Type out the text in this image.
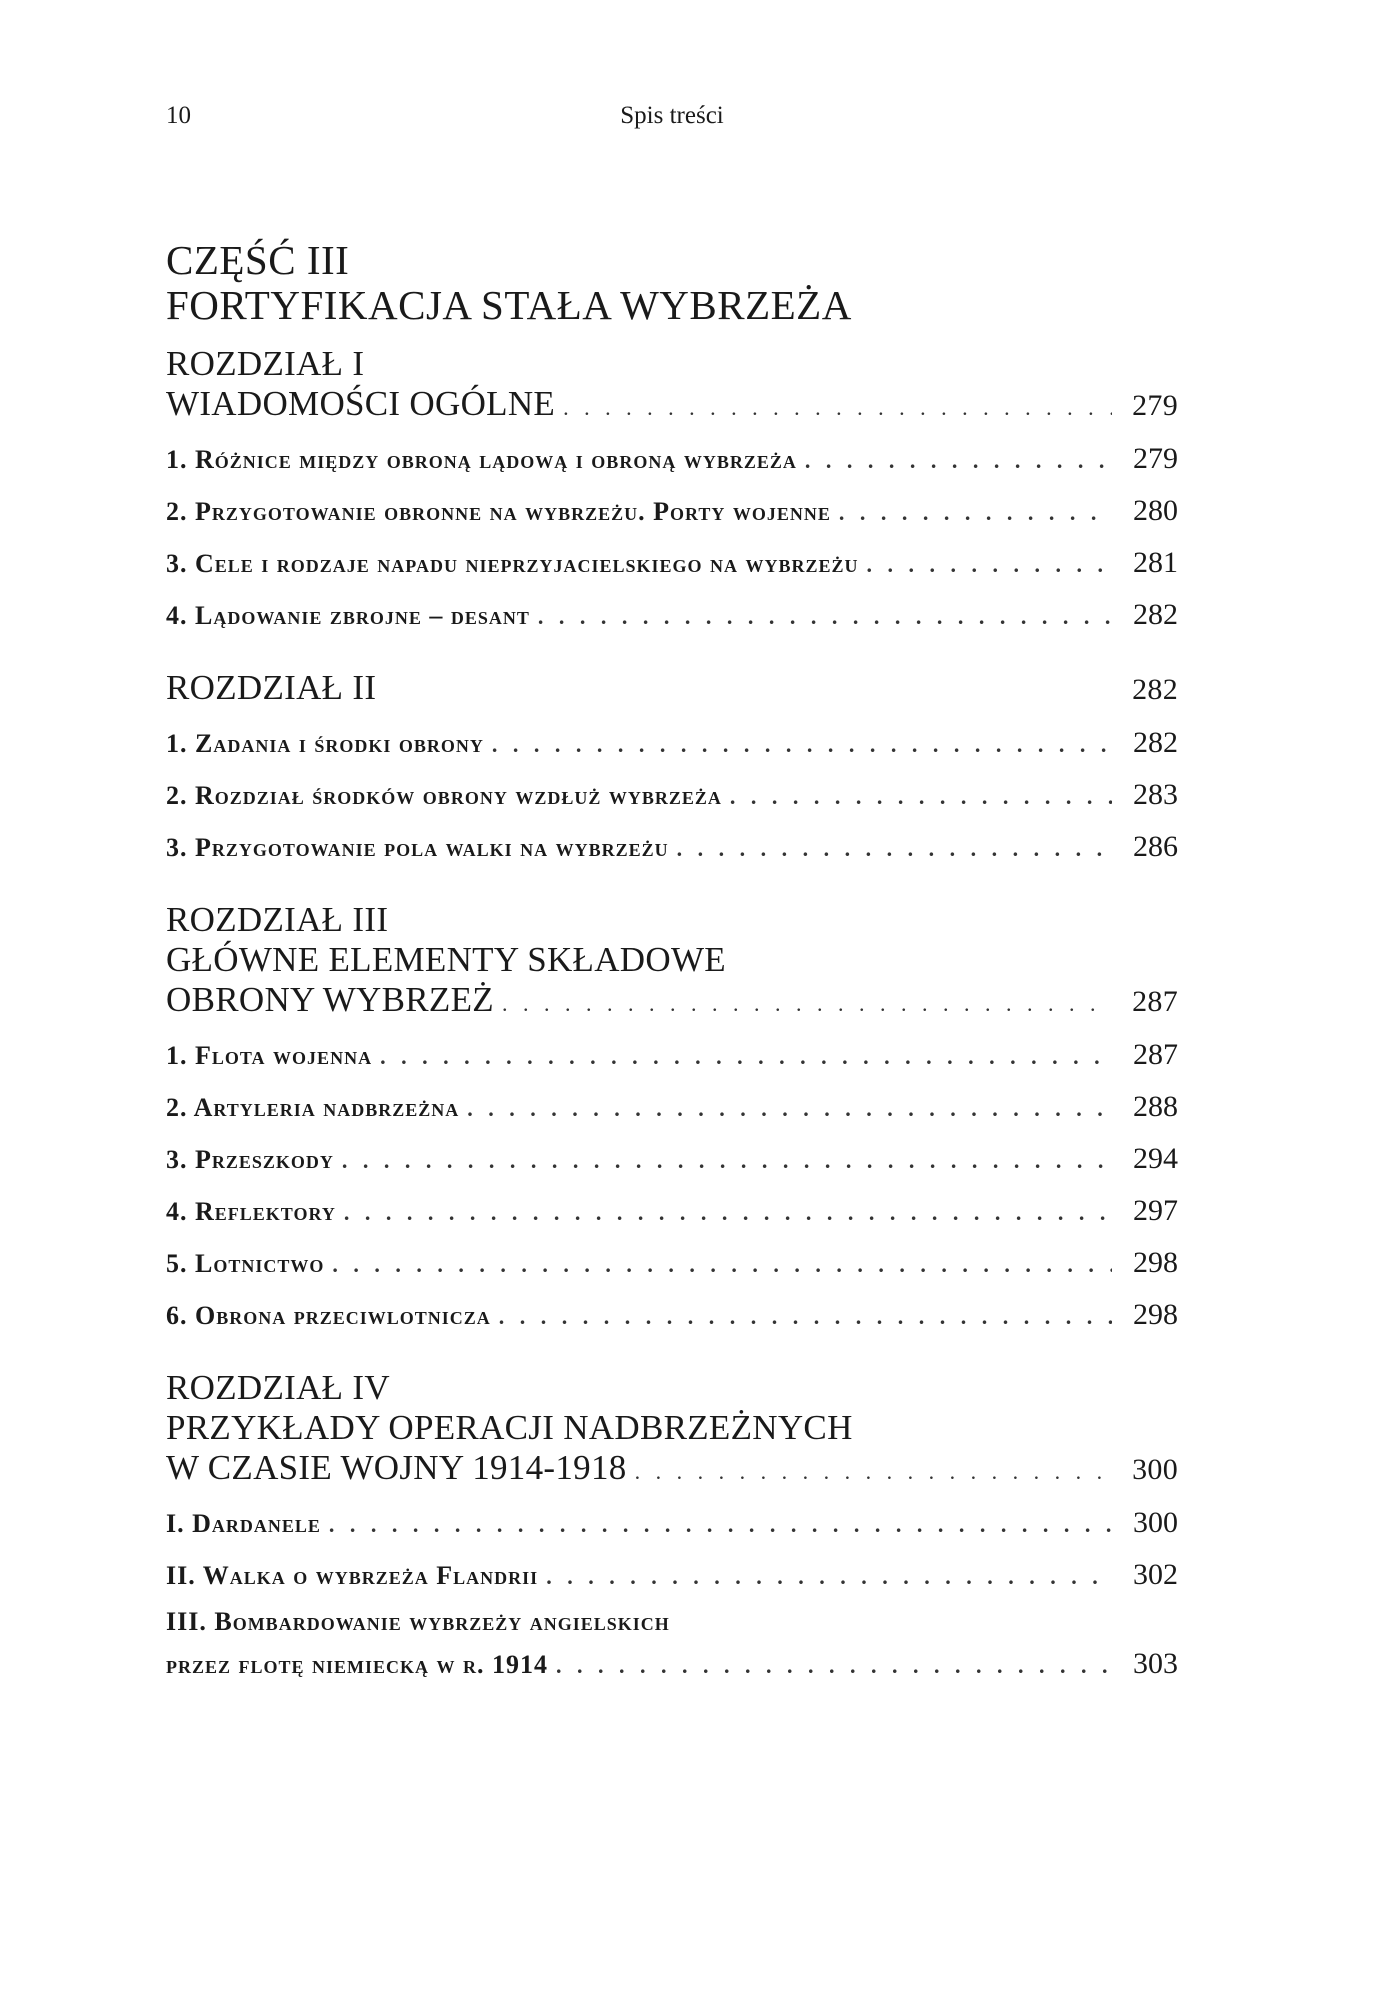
10	Spis treści
CZĘŚĆ III
FORTYFIKACJA STAŁA WYBRZEŻA
ROZDZIAŁ I
WIADOMOŚCI OGÓLNE . . .	279
1. Różnice między obroną lądową i obroną wybrzeża . . .	279
2. Przygotowanie obronne na wybrzeżu. Porty wojenne . . .	280
3. Cele i rodzaje napadu nieprzyjacielskiego na wybrzeżu . . .	281
4. Lądowanie zbrojne – desant . . .	282
ROZDZIAŁ II	282
1. Zadania i środki obrony . . .	282
2. Rozdział środków obrony wzdłuż wybrzeża . . .	283
3. Przygotowanie pola walki na wybrzeżu . . .	286
ROZDZIAŁ III
GŁÓWNE ELEMENTY SKŁADOWE
OBRONY WYBRZEŻ . . .	287
1. Flota wojenna . . .	287
2. Artyleria nadbrzeżna . . .	288
3. Przeszkody . . .	294
4. Reflektory . . .	297
5. Lotnictwo . . .	298
6. Obrona przeciwlotnicza . . .	298
ROZDZIAŁ IV
PRZYKŁADY OPERACJI NADBRZEŻNYCH
W CZASIE WOJNY 1914-1918 . . .	300
I. Dardanele . . .	300
II. Walka o wybrzeża Flandrii . . .	302
III. Bombardowanie wybrzeży angielskich
przez flotę niemiecką w r. 1914 . . .	303
